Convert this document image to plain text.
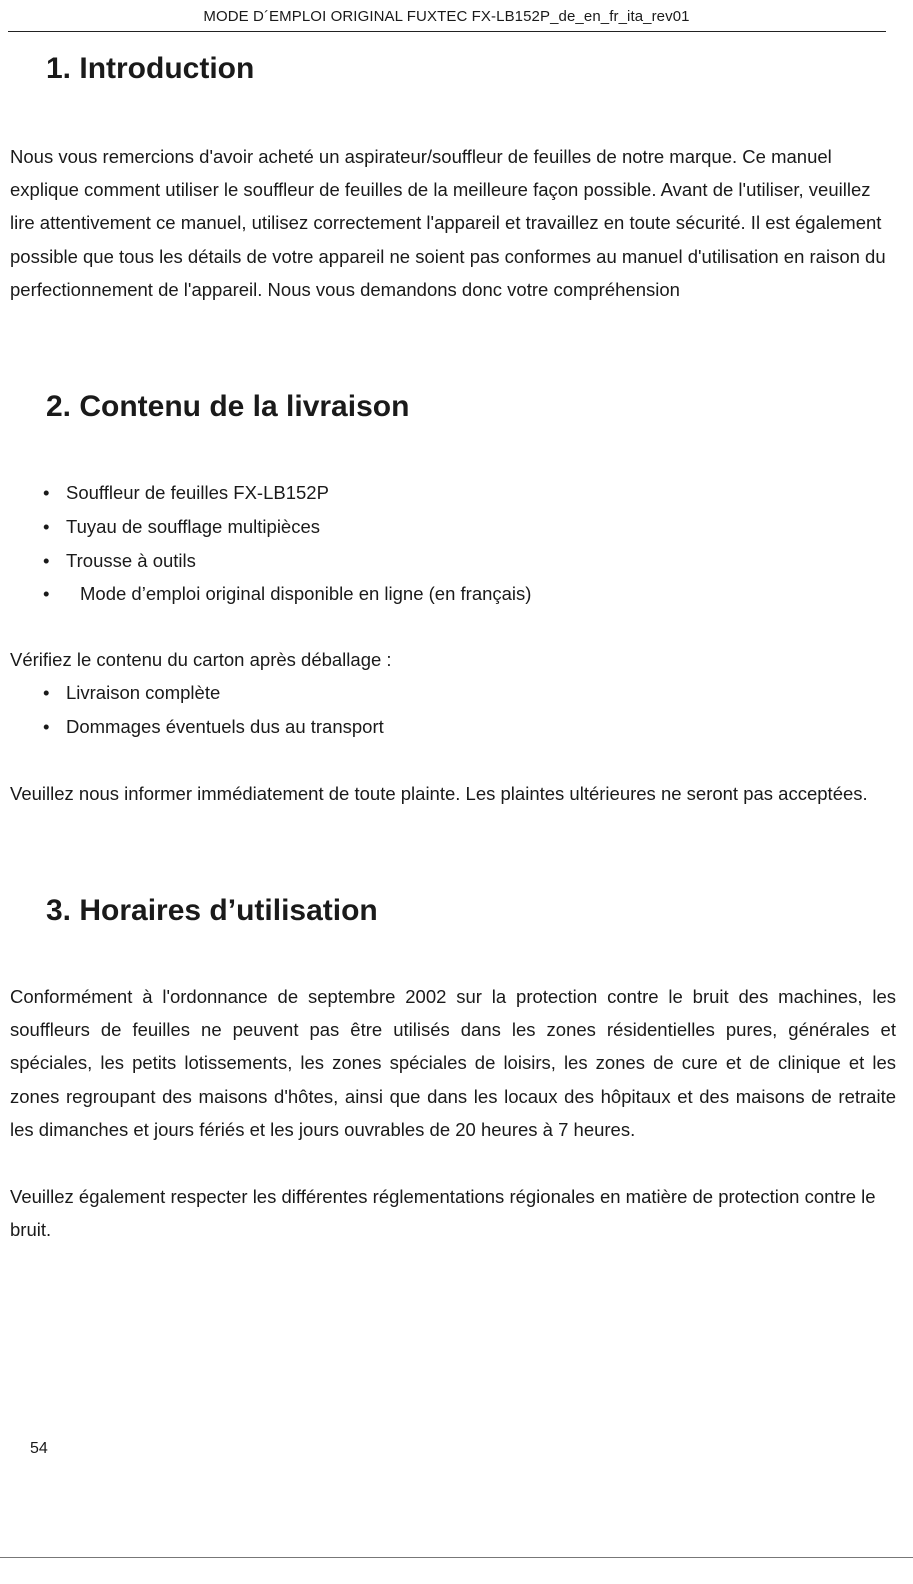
MODE D´EMPLOI ORIGINAL FUXTEC FX-LB152P_de_en_fr_ita_rev01
1. Introduction

Nous vous remercions d'avoir acheté un aspirateur/souffleur de feuilles de notre marque. Ce manuel explique comment utiliser le souffleur de feuilles de la meilleure façon possible. Avant de l'utiliser, veuillez lire attentivement ce manuel, utilisez correctement l'appareil et travaillez en toute sécurité. Il est également possible que tous les détails de votre appareil ne soient pas conformes au manuel d'utilisation en raison du perfectionnement de l'appareil. Nous vous demandons donc votre compréhension

2. Contenu de la livraison
• Souffleur de feuilles FX-LB152P
• Tuyau de soufflage multipièces
• Trousse à outils
• Mode d’emploi original disponible en ligne (en français)

Vérifiez le contenu du carton après déballage :

• Livraison complète
• Dommages éventuels dus au transport

Veuillez nous informer immédiatement de toute plainte. Les plaintes ultérieures ne seront pas acceptées.

3. Horaires d’utilisation

Conformément à l'ordonnance de septembre 2002 sur la protection contre le bruit des machines, les souffleurs de feuilles ne peuvent pas être utilisés dans les zones résidentielles pures, générales et spéciales, les petits lotissements, les zones spéciales de loisirs, les zones de cure et de clinique et les zones regroupant des maisons d'hôtes, ainsi que dans les locaux des hôpitaux et des maisons de retraite les dimanches et jours fériés et les jours ouvrables de 20 heures à 7 heures.

Veuillez également respecter les différentes réglementations régionales en matière de protection contre le bruit.

54
